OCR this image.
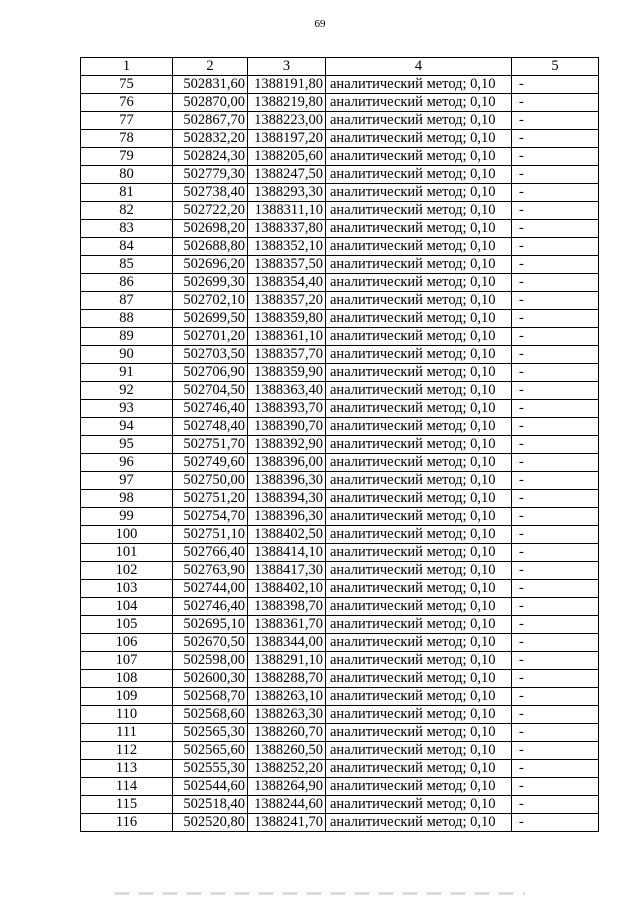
69
1	2	3	4	5
75	502831,60	1388191,80	аналитический метод; 0,10	-
76	502870,00	1388219,80	аналитический метод; 0,10	-
77	502867,70	1388223,00	аналитический метод; 0,10	-
78	502832,20	1388197,20	аналитический метод; 0,10	-
79	502824,30	1388205,60	аналитический метод; 0,10	-
80	502779,30	1388247,50	аналитический метод; 0,10	-
81	502738,40	1388293,30	аналитический метод; 0,10	-
82	502722,20	1388311,10	аналитический метод; 0,10	-
83	502698,20	1388337,80	аналитический метод; 0,10	-
84	502688,80	1388352,10	аналитический метод; 0,10	-
85	502696,20	1388357,50	аналитический метод; 0,10	-
86	502699,30	1388354,40	аналитический метод; 0,10	-
87	502702,10	1388357,20	аналитический метод; 0,10	-
88	502699,50	1388359,80	аналитический метод; 0,10	-
89	502701,20	1388361,10	аналитический метод; 0,10	-
90	502703,50	1388357,70	аналитический метод; 0,10	-
91	502706,90	1388359,90	аналитический метод; 0,10	-
92	502704,50	1388363,40	аналитический метод; 0,10	-
93	502746,40	1388393,70	аналитический метод; 0,10	-
94	502748,40	1388390,70	аналитический метод; 0,10	-
95	502751,70	1388392,90	аналитический метод; 0,10	-
96	502749,60	1388396,00	аналитический метод; 0,10	-
97	502750,00	1388396,30	аналитический метод; 0,10	-
98	502751,20	1388394,30	аналитический метод; 0,10	-
99	502754,70	1388396,30	аналитический метод; 0,10	-
100	502751,10	1388402,50	аналитический метод; 0,10	-
101	502766,40	1388414,10	аналитический метод; 0,10	-
102	502763,90	1388417,30	аналитический метод; 0,10	-
103	502744,00	1388402,10	аналитический метод; 0,10	-
104	502746,40	1388398,70	аналитический метод; 0,10	-
105	502695,10	1388361,70	аналитический метод; 0,10	-
106	502670,50	1388344,00	аналитический метод; 0,10	-
107	502598,00	1388291,10	аналитический метод; 0,10	-
108	502600,30	1388288,70	аналитический метод; 0,10	-
109	502568,70	1388263,10	аналитический метод; 0,10	-
110	502568,60	1388263,30	аналитический метод; 0,10	-
111	502565,30	1388260,70	аналитический метод; 0,10	-
112	502565,60	1388260,50	аналитический метод; 0,10	-
113	502555,30	1388252,20	аналитический метод; 0,10	-
114	502544,60	1388264,90	аналитический метод; 0,10	-
115	502518,40	1388244,60	аналитический метод; 0,10	-
116	502520,80	1388241,70	аналитический метод; 0,10	-
